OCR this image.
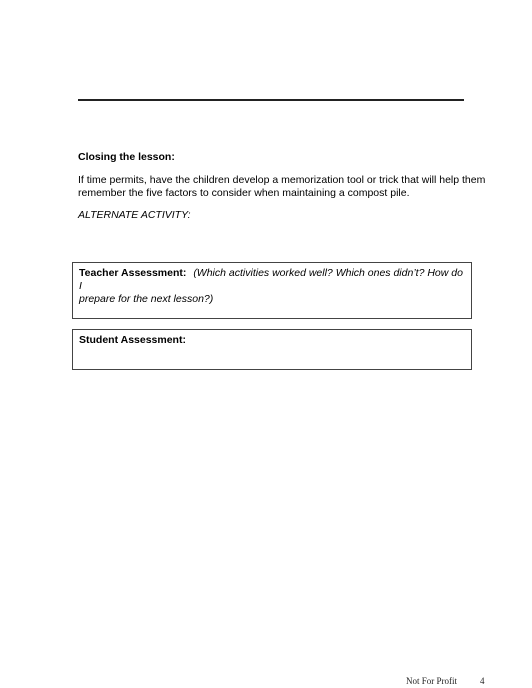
Closing the lesson:
If time permits, have the children develop a memorization tool or trick that will help them
remember the five factors to consider when maintaining a compost pile.
ALTERNATE ACTIVITY:
Teacher Assessment: (Which activities worked well? Which ones didn’t? How do I
prepare for the next lesson?)
Student Assessment:
Not For Profit	4
